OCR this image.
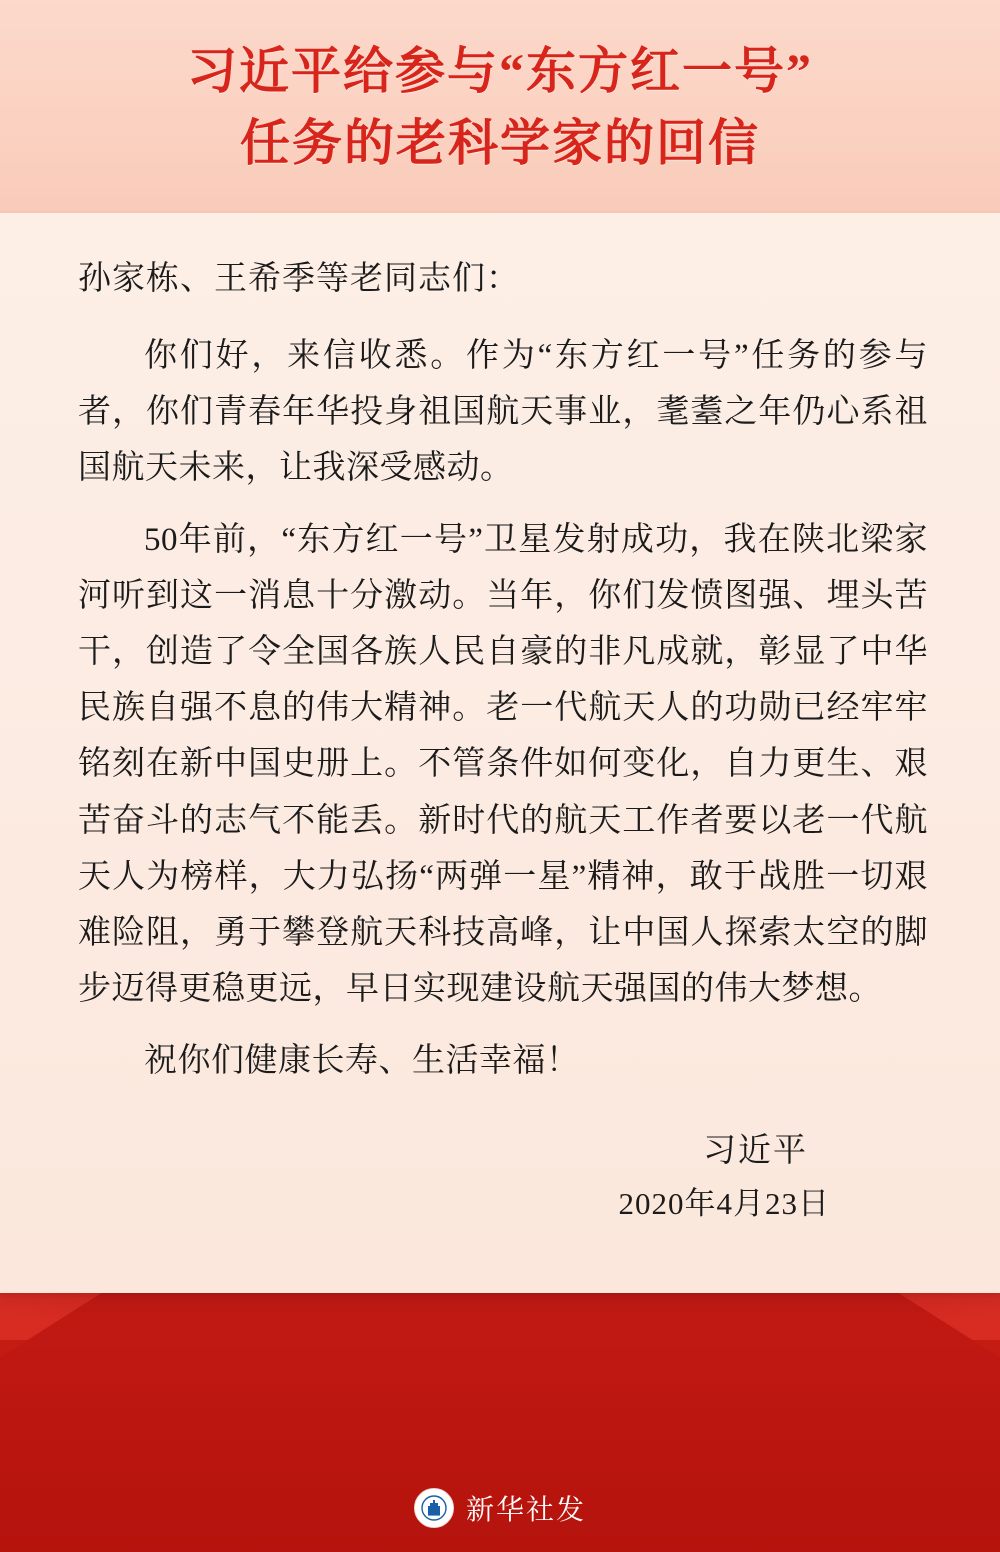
习近平给参与“东方红一号”
任务的老科学家的回信
孙家栋、王希季等老同志们：

你们好，来信收悉。作为“东方红一号”任务的参与者，你们青春年华投身祖国航天事业，耄耋之年仍心系祖国航天未来，让我深受感动。

50年前，“东方红一号”卫星发射成功，我在陕北梁家河听到这一消息十分激动。当年，你们发愤图强、埋头苦干，创造了令全国各族人民自豪的非凡成就，彰显了中华民族自强不息的伟大精神。老一代航天人的功勋已经牢牢铭刻在新中国史册上。不管条件如何变化，自力更生、艰苦奋斗的志气不能丢。新时代的航天工作者要以老一代航天人为榜样，大力弘扬“两弹一星”精神，敢于战胜一切艰难险阻，勇于攀登航天科技高峰，让中国人探索太空的脚步迈得更稳更远，早日实现建设航天强国的伟大梦想。

祝你们健康长寿、生活幸福！

习近平
2020年4月23日
新华社发
